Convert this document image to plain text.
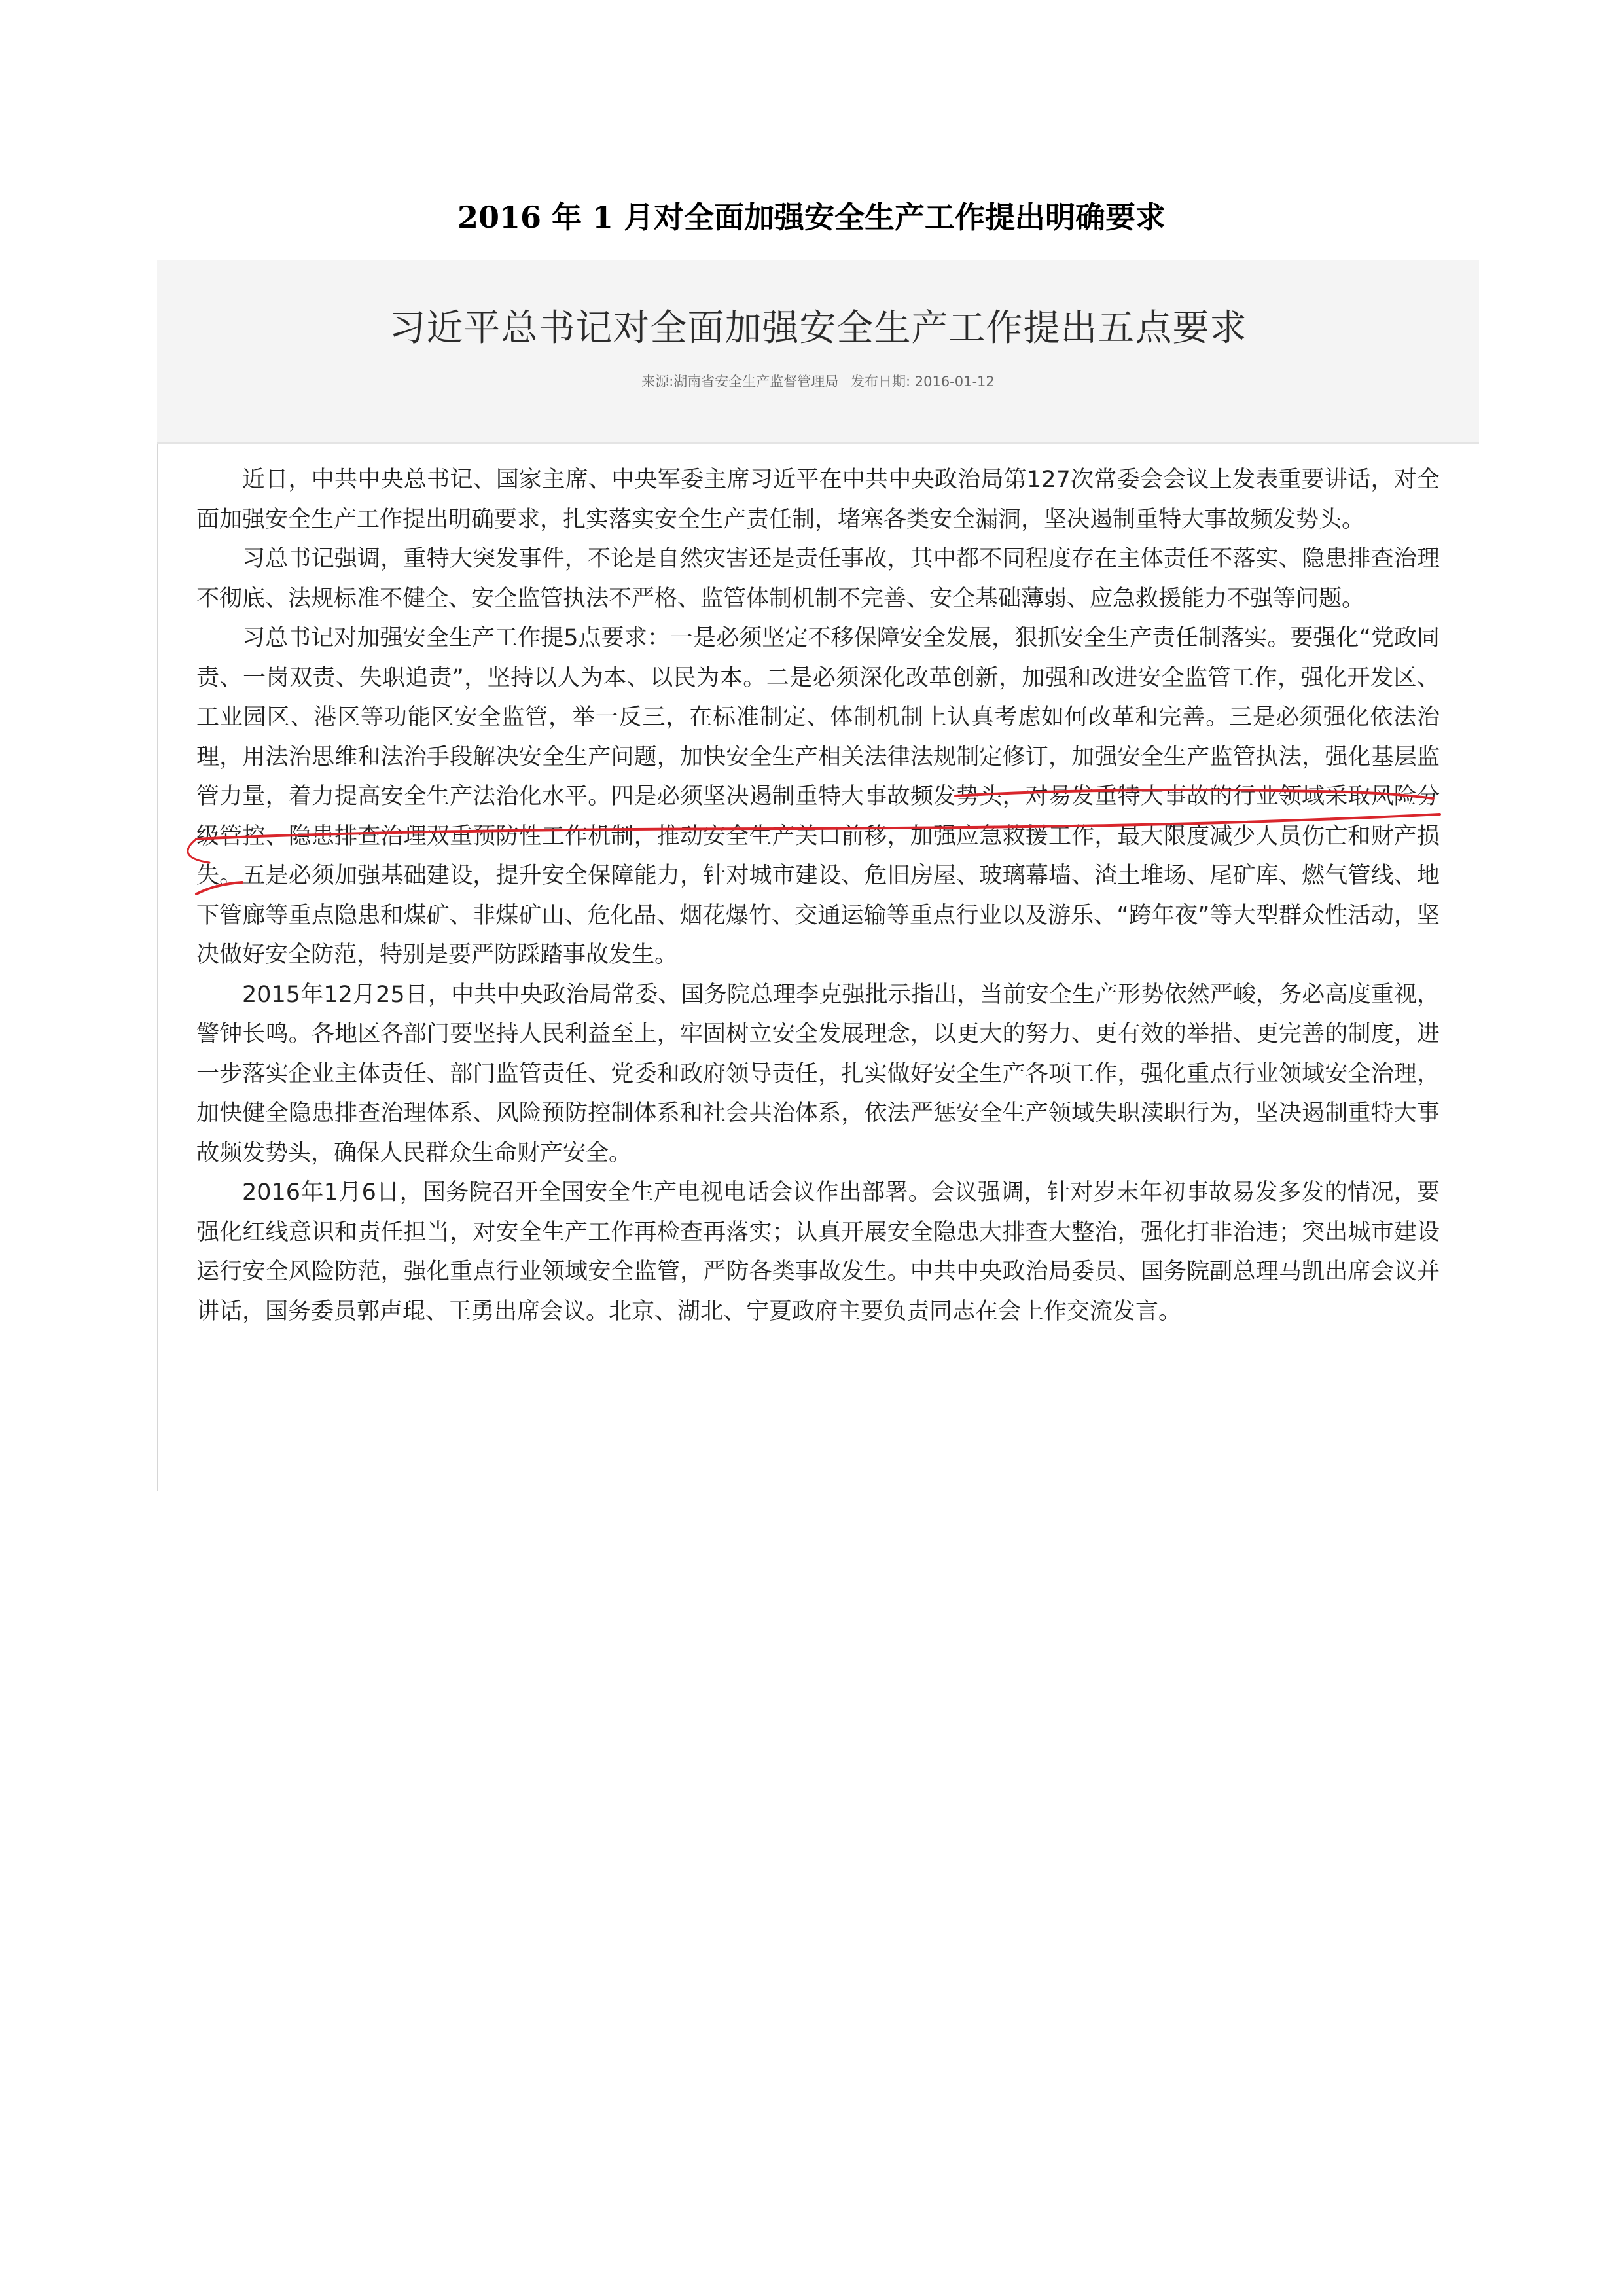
2016 年 1 月对全面加强安全生产工作提出明确要求
习近平总书记对全面加强安全生产工作提出五点要求
来源:湖南省安全生产监督管理局 发布日期: 2016-01-12

近日，中共中央总书记、国家主席、中央军委主席习近平在中共中央政治局第127次常委会会议上发表重要讲话，对全面加强安全生产工作提出明确要求，扎实落实安全生产责任制，堵塞各类安全漏洞，坚决遏制重特大事故频发势头。

习总书记强调，重特大突发事件，不论是自然灾害还是责任事故，其中都不同程度存在主体责任不落实、隐患排查治理不彻底、法规标准不健全、安全监管执法不严格、监管体制机制不完善、安全基础薄弱、应急救援能力不强等问题。

习总书记对加强安全生产工作提5点要求：一是必须坚定不移保障安全发展，狠抓安全生产责任制落实。要强化“党政同责、一岗双责、失职追责”，坚持以人为本、以民为本。二是必须深化改革创新，加强和改进安全监管工作，强化开发区、工业园区、港区等功能区安全监管，举一反三，在标准制定、体制机制上认真考虑如何改革和完善。三是必须强化依法治理，用法治思维和法治手段解决安全生产问题，加快安全生产相关法律法规制定修订，加强安全生产监管执法，强化基层监管力量，着力提高安全生产法治化水平。四是必须坚决遏制重特大事故频发势头，对易发重特大事故的行业领域采取风险分级管控、隐患排查治理双重预防性工作机制，推动安全生产关口前移，加强应急救援工作，最大限度减少人员伤亡和财产损失。五是必须加强基础建设，提升安全保障能力，针对城市建设、危旧房屋、玻璃幕墙、渣土堆场、尾矿库、燃气管线、地下管廊等重点隐患和煤矿、非煤矿山、危化品、烟花爆竹、交通运输等重点行业以及游乐、“跨年夜”等大型群众性活动，坚决做好安全防范，特别是要严防踩踏事故发生。

2015年12月25日，中共中央政治局常委、国务院总理李克强批示指出，当前安全生产形势依然严峻，务必高度重视，警钟长鸣。各地区各部门要坚持人民利益至上，牢固树立安全发展理念，以更大的努力、更有效的举措、更完善的制度，进一步落实企业主体责任、部门监管责任、党委和政府领导责任，扎实做好安全生产各项工作，强化重点行业领域安全治理，加快健全隐患排查治理体系、风险预防控制体系和社会共治体系，依法严惩安全生产领域失职渎职行为，坚决遏制重特大事故频发势头，确保人民群众生命财产安全。

2016年1月6日，国务院召开全国安全生产电视电话会议作出部署。会议强调，针对岁末年初事故易发多发的情况，要强化红线意识和责任担当，对安全生产工作再检查再落实；认真开展安全隐患大排查大整治，强化打非治违；突出城市建设运行安全风险防范，强化重点行业领域安全监管，严防各类事故发生。中共中央政治局委员、国务院副总理马凯出席会议并讲话，国务委员郭声琨、王勇出席会议。北京、湖北、宁夏政府主要负责同志在会上作交流发言。
